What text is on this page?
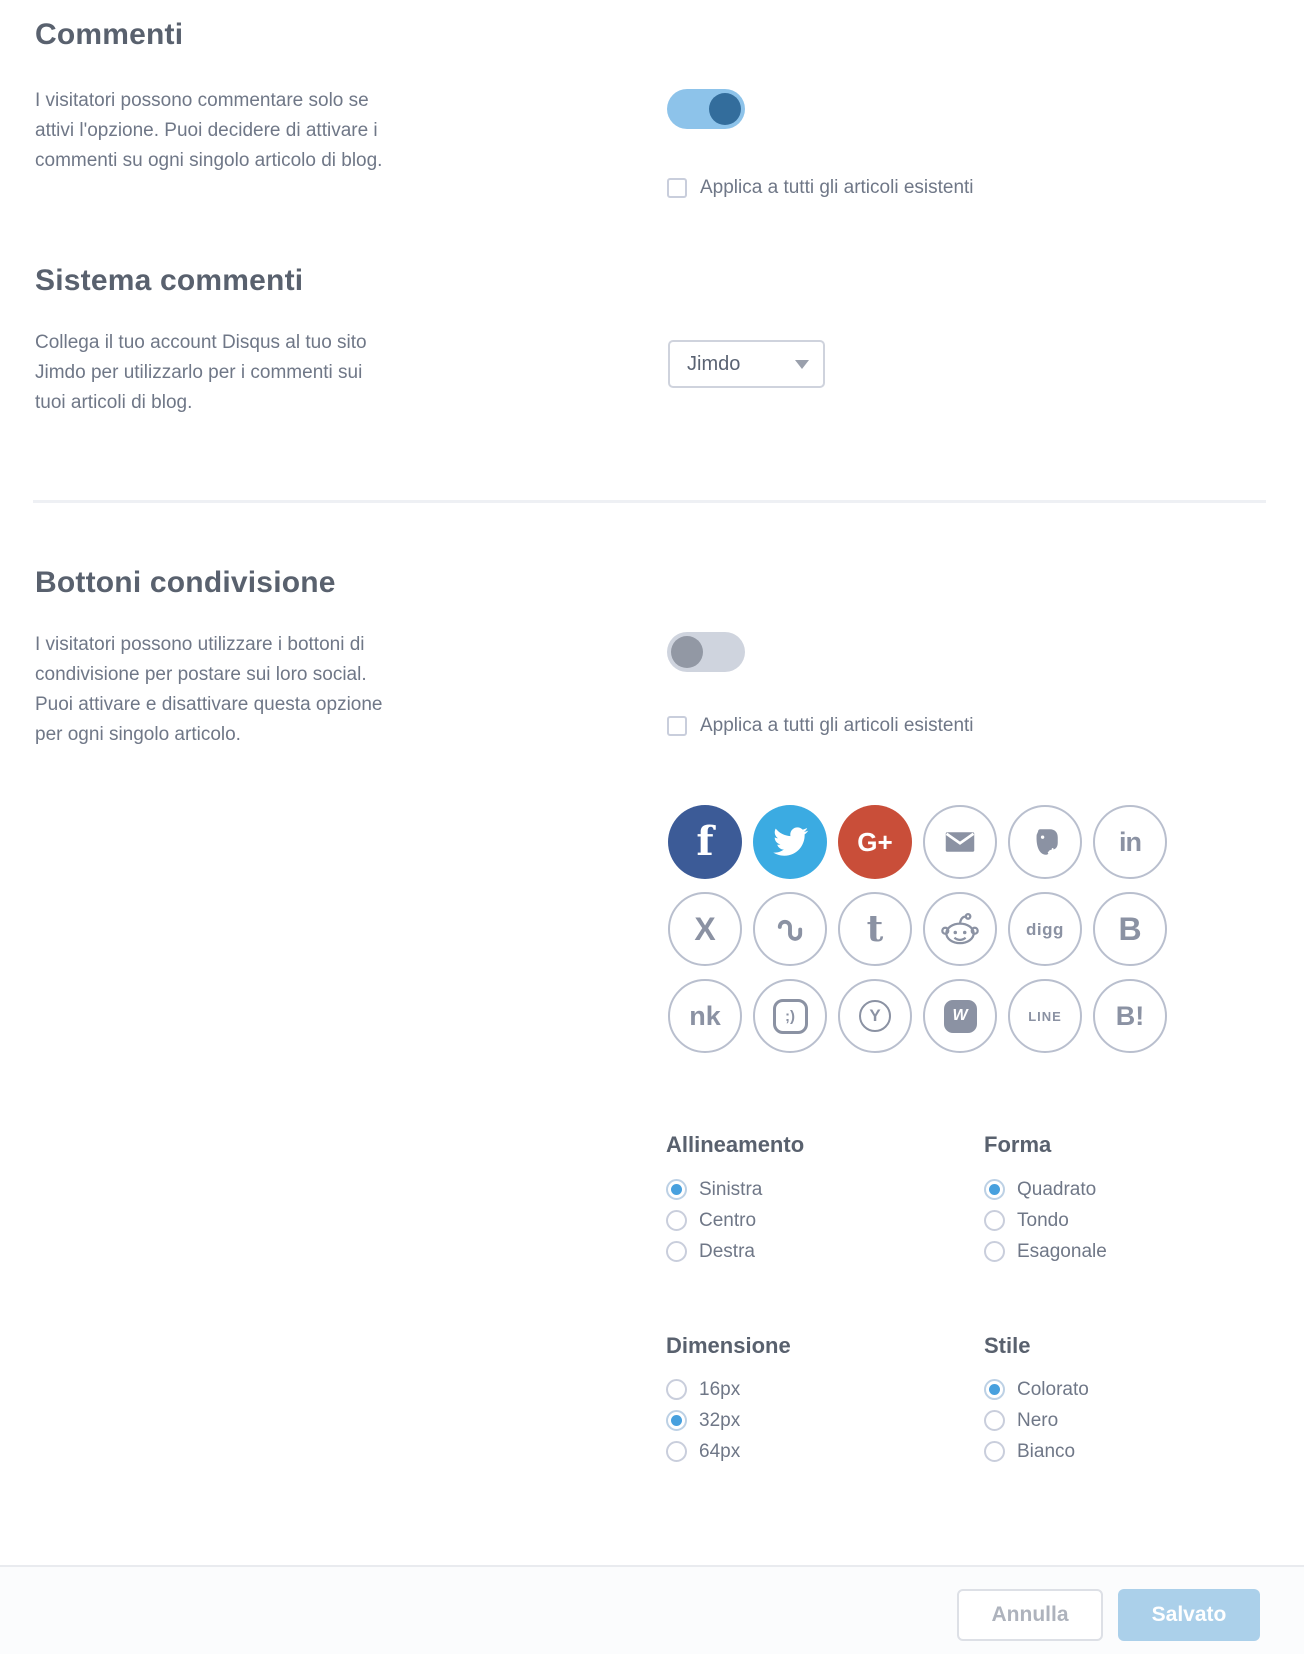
Commenti

I visitatori possono commentare solo se attivi l'opzione. Puoi decidere di attivare i commenti su ogni singolo articolo di blog.

Applica a tutti gli articoli esistenti
Sistema commenti

Collega il tuo account Disqus al tuo sito Jimdo per utilizzarlo per i commenti sui tuoi articoli di blog.

Jimdo
Bottoni condivisione

I visitatori possono utilizzare i bottoni di condivisione per postare sui loro social. Puoi attivare e disattivare questa opzione per ogni singolo articolo.	Applica a tutti gli articoli esistenti
f	G+	in
X	t	digg B
nk	;)	Y	W	LINE B!
Allineamento
Sinistra
Centro
Destra
Forma
Quadrato
Tondo
Esagonale
Dimensione
16px
32px
64px
Stile
Colorato
Nero
Bianco
Annulla	Salvato
